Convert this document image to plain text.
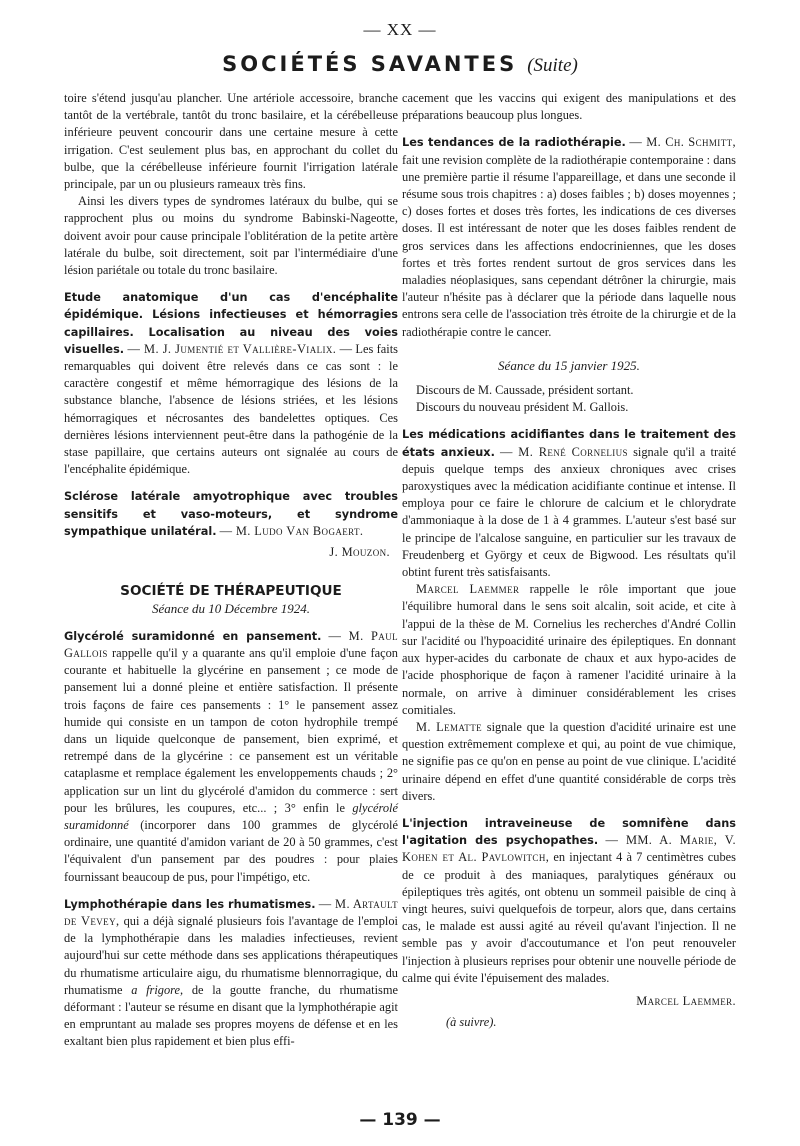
— XX —
SOCIÉTÉS SAVANTES (Suite)

toire s'étend jusqu'au plancher. Une artériole accessoire, branche tantôt de la vertébrale, tantôt du tronc basilaire, et la cérébelleuse inférieure peuvent concourir dans une certaine mesure à cette irrigation. C'est seulement plus bas, en approchant du collet du bulbe, que la cérébelleuse inférieure fournit l'irrigation latérale principale, par un ou plusieurs rameaux très fins.

Ainsi les divers types de syndromes latéraux du bulbe, qui se rapprochent plus ou moins du syndrome Babinski-Nageotte, doivent avoir pour cause principale l'oblitération de la petite artère latérale du bulbe, soit directement, soit par l'intermédiaire d'une lésion pariétale ou totale du tronc basilaire.

Etude anatomique d'un cas d'encéphalite épidémique. Lésions infectieuses et hémorragies capillaires. Localisation au niveau des voies visuelles. — M. J. Jumentié et Vallière-Vialix. — Les faits remarquables qui doivent être relevés dans ce cas sont : le caractère congestif et même hémorragique des lésions de la substance blanche, l'absence de lésions striées, et les lésions hémorragiques et nécrosantes des bandelettes optiques. Ces dernières lésions interviennent peut-être dans la pathogénie de la stase papillaire, que certains auteurs ont signalée au cours de l'encéphalite épidémique.

Sclérose latérale amyotrophique avec troubles sensitifs et vaso-moteurs, et syndrome sympathique unilatéral. — M. Ludo Van Bogaert.

J. Mouzon.

SOCIÉTÉ DE THÉRAPEUTIQUE

Séance du 10 Décembre 1924.

Glycérolé suramidonné en pansement. — M. Paul Gallois rappelle qu'il y a quarante ans qu'il emploie d'une façon courante et habituelle la glycérine en pansement ; ce mode de pansement lui a donné pleine et entière satisfaction. Il présente trois façons de faire ces pansements : 1° le pansement assez humide qui consiste en un tampon de coton hydrophile trempé dans un liquide quelconque de pansement, bien exprimé, et retrempé dans de la glycérine : ce pansement est un véritable cataplasme et remplace également les enveloppements chauds ; 2° application sur un lint du glycérolé d'amidon du commerce : sert pour les brûlures, les coupures, etc... ; 3° enfin le glycérolé suramidonné (incorporer dans 100 grammes de glycérolé ordinaire, une quantité d'amidon variant de 20 à 50 grammes, c'est l'équivalent d'un pansement par des poudres : pour plaies fournissant beaucoup de pus, pour l'impétigo, etc.

Lymphothérapie dans les rhumatismes. — M. Artault de Vevey, qui a déjà signalé plusieurs fois l'avantage de l'emploi de la lymphothérapie dans les maladies infectieuses, revient aujourd'hui sur cette méthode dans ses applications thérapeutiques du rhumatisme articulaire aigu, du rhumatisme blennorragique, du rhumatisme a frigore, de la goutte franche, du rhumatisme déformant : l'auteur se résume en disant que la lymphothérapie agit en empruntant au malade ses propres moyens de défense et en les exaltant bien plus rapidement et bien plus effi-

cacement que les vaccins qui exigent des manipulations et des préparations beaucoup plus longues.

Les tendances de la radiothérapie. — M. Ch. Schmitt, fait une revision complète de la radiothérapie contemporaine : dans une première partie il résume l'appareillage, et dans une seconde il résume sous trois chapitres : a) doses faibles ; b) doses moyennes ; c) doses fortes et doses très fortes, les indications de ces diverses doses. Il est intéressant de noter que les doses faibles rendent de gros services dans les affections endocriniennes, que les doses fortes et très fortes rendent surtout de gros services dans les maladies néoplasiques, sans cependant détrôner la chirurgie, mais l'auteur n'hésite pas à déclarer que la période dans laquelle nous entrons sera celle de l'association très étroite de la chirurgie et de la radiothérapie contre le cancer.

Séance du 15 janvier 1925.

Discours de M. Caussade, président sortant.

Discours du nouveau président M. Gallois.

Les médications acidifiantes dans le traitement des états anxieux. — M. René Cornelius signale qu'il a traité depuis quelque temps des anxieux chroniques avec crises paroxystiques avec la médication acidifiante continue et intense. Il employa pour ce faire le chlorure de calcium et le chlorydrate d'ammoniaque à la dose de 1 à 4 grammes. L'auteur s'est basé sur le principe de l'alcalose sanguine, en particulier sur les travaux de Freudenberg et György et ceux de Bigwood. Les résultats qu'il obtint furent très satisfaisants.

Marcel Laemmer rappelle le rôle important que joue l'équilibre humoral dans le sens soit alcalin, soit acide, et cite à l'appui de la thèse de M. Cornelius les recherches d'André Collin sur l'acidité ou l'hypoacidité urinaire des épileptiques. En donnant aux hyper-acides du carbonate de chaux et aux hypo-acides de l'acide phosphorique de façon à ramener l'acidité urinaire à la normale, on arrive à diminuer considérablement les crises comitiales.

M. Lematte signale que la question d'acidité urinaire est une question extrêmement complexe et qui, au point de vue chimique, ne signifie pas ce qu'on en pense au point de vue clinique. L'acidité urinaire dépend en effet d'une quantité considérable de corps très divers.

L'injection intraveineuse de somnifène dans l'agitation des psychopathes. — MM. A. Marie, V. Kohen et Al. Pavlowitch, en injectant 4 à 7 centimètres cubes de ce produit à des maniaques, paralytiques généraux ou épileptiques très agités, ont obtenu un sommeil paisible de cinq à vingt heures, suivi quelquefois de torpeur, alors que, dans certains cas, le malade est aussi agité au réveil qu'avant l'injection. Il ne semble pas y avoir d'accoutumance et l'on peut renouveler l'injection à plusieurs reprises pour obtenir une nouvelle période de calme qui évite l'épuisement des malades.

Marcel Laemmer.

(à suivre).

— 139 —
